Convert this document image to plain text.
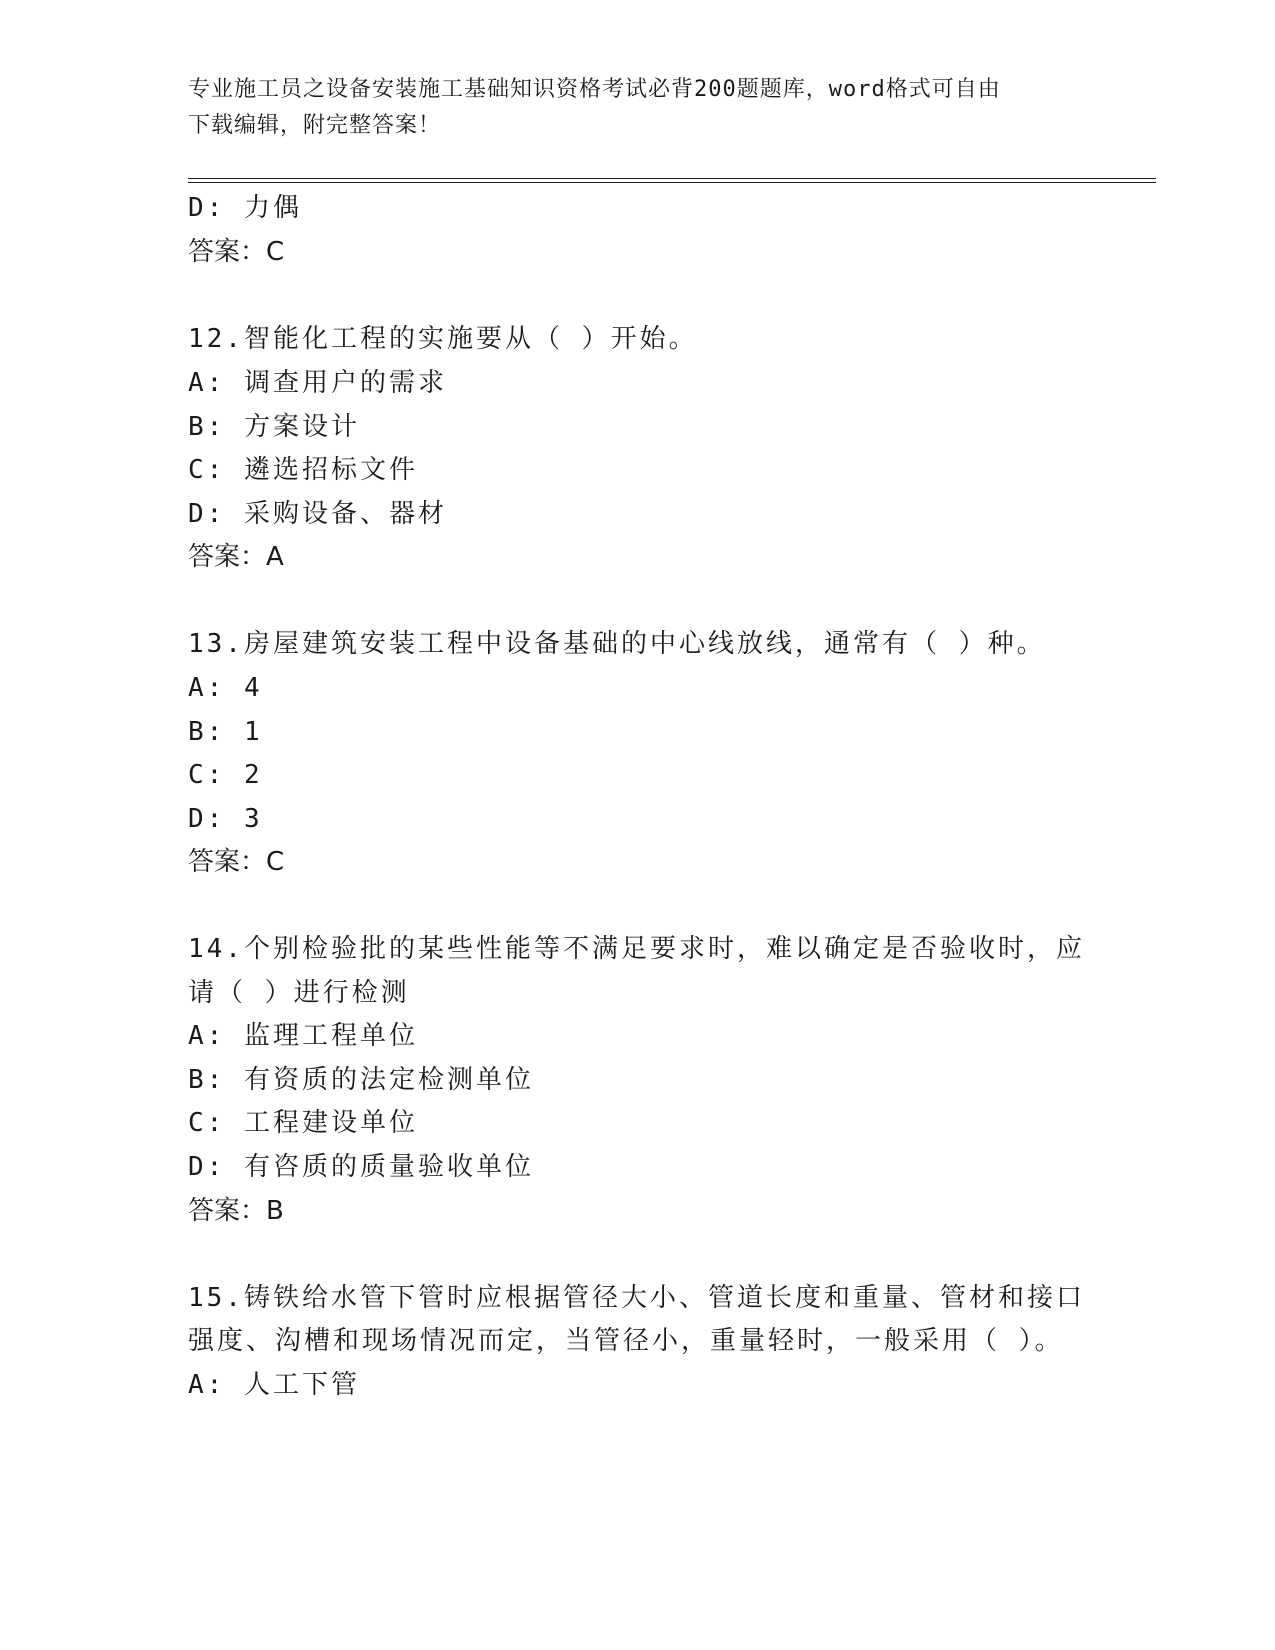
专业施工员之设备安装施工基础知识资格考试必背200题题库，word格式可自由
下载编辑，附完整答案！
D: 力偶
答案：C
12.智能化工程的实施要从（ ）开始。
A: 调查用户的需求
B: 方案设计
C: 遴选招标文件
D: 采购设备、器材
答案：A
13.房屋建筑安装工程中设备基础的中心线放线，通常有（ ）种。
A: 4
B: 1
C: 2
D: 3
答案：C
14.个别检验批的某些性能等不满足要求时，难以确定是否验收时，应
请（ ）进行检测
A: 监理工程单位
B: 有资质的法定检测单位
C: 工程建设单位
D: 有咨质的质量验收单位
答案：B
15.铸铁给水管下管时应根据管径大小、管道长度和重量、管材和接口
强度、沟槽和现场情况而定，当管径小，重量轻时，一般采用（ ）。
A: 人工下管
